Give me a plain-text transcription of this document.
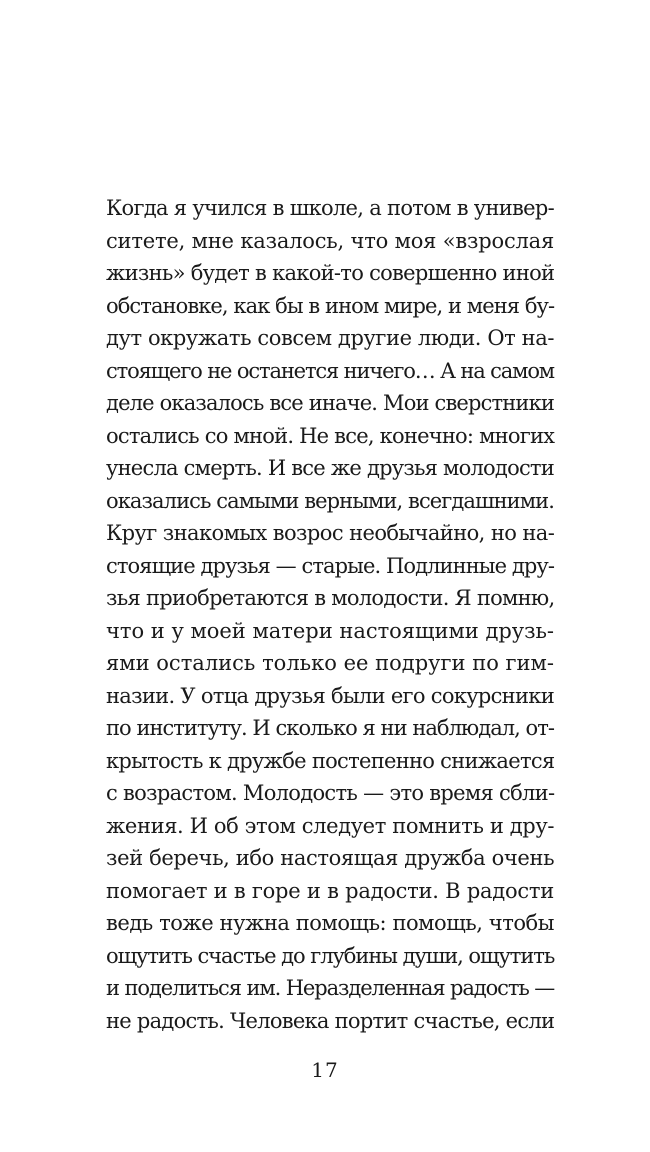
Когда я учился в школе, а потом в универ-
ситете, мне казалось, что моя «взрослая
жизнь» будет в какой-то совершенно иной
обстановке, как бы в ином мире, и меня бу-
дут окружать совсем другие люди. От на-
стоящего не останется ничего… А на самом
деле оказалось все иначе. Мои сверстники
остались со мной. Не все, конечно: многих
унесла смерть. И все же друзья молодости
оказались самыми верными, всегдашними.
Круг знакомых возрос необычайно, но на-
стоящие друзья — старые. Подлинные дру-
зья приобретаются в молодости. Я помню,
что и у моей матери настоящими друзь-
ями остались только ее подруги по гим-
назии. У отца друзья были его сокурсники
по институту. И сколько я ни наблюдал, от-
крытость к дружбе постепенно снижается
с возрастом. Молодость — это время сбли-
жения. И об этом следует помнить и дру-
зей беречь, ибо настоящая дружба очень
помогает и в горе и в радости. В радости
ведь тоже нужна помощь: помощь, чтобы
ощутить счастье до глубины души, ощутить
и поделиться им. Неразделенная радость —
не радость. Человека портит счастье, если
17
